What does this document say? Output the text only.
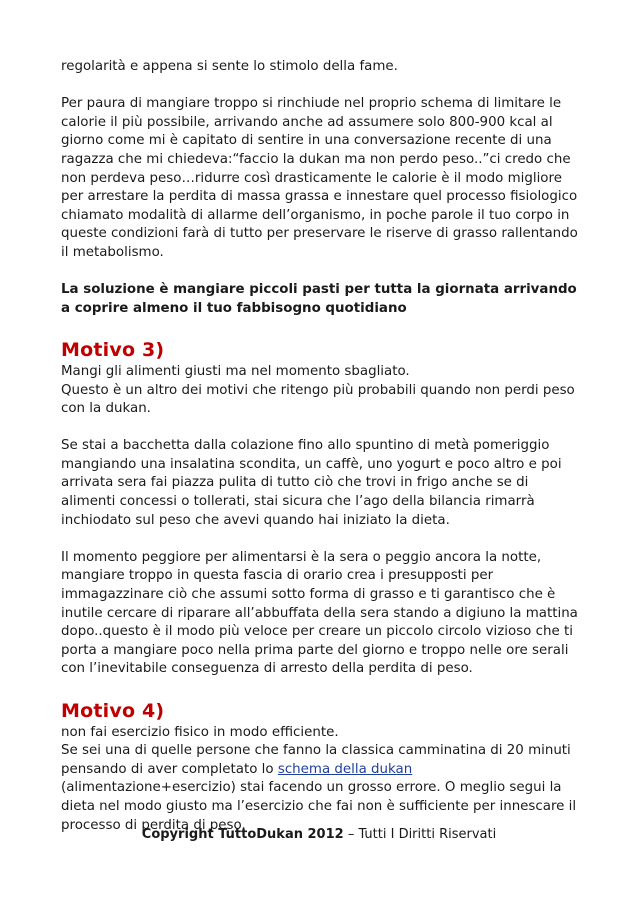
regolarità e appena si sente lo stimolo della fame.

Per paura di mangiare troppo si rinchiude nel proprio schema di limitare le calorie il più possibile, arrivando anche ad assumere solo 800-900 kcal al giorno come mi è capitato di sentire in una conversazione recente di una ragazza che mi chiedeva:“faccio la dukan ma non perdo peso..”ci credo che non perdeva peso…ridurre così drasticamente le calorie è il modo migliore per arrestare la perdita di massa grassa e innestare quel processo fisiologico chiamato modalità di allarme dell’organismo, in poche parole il tuo corpo in queste condizioni farà di tutto per preservare le riserve di grasso rallentando il metabolismo.

La soluzione è mangiare piccoli pasti per tutta la giornata arrivando a coprire almeno il tuo fabbisogno quotidiano

Motivo 3)

Mangi gli alimenti giusti ma nel momento sbagliato.

Questo è un altro dei motivi che ritengo più probabili quando non perdi peso con la dukan.

Se stai a bacchetta dalla colazione fino allo spuntino di metà pomeriggio mangiando una insalatina scondita, un caffè, uno yogurt e poco altro e poi arrivata sera fai piazza pulita di tutto ciò che trovi in frigo anche se di alimenti concessi o tollerati, stai sicura che l’ago della bilancia rimarrà inchiodato sul peso che avevi quando hai iniziato la dieta.

Il momento peggiore per alimentarsi è la sera o peggio ancora la notte, mangiare troppo in questa fascia di orario crea i presupposti per immagazzinare ciò che assumi sotto forma di grasso e ti garantisco che è inutile cercare di riparare all’abbuffata della sera stando a digiuno la mattina dopo..questo è il modo più veloce per creare un piccolo circolo vizioso che ti porta a mangiare poco nella prima parte del giorno e troppo nelle ore serali con l’inevitabile conseguenza di arresto della perdita di peso.

Motivo 4)

non fai esercizio fisico in modo efficiente.

Se sei una di quelle persone che fanno la classica camminatina di 20 minuti pensando di aver completato lo schema della dukan (alimentazione+esercizio) stai facendo un grosso errore. O meglio segui la dieta nel modo giusto ma l’esercizio che fai non è sufficiente per innescare il processo di perdita di peso.

Copyright TuttoDukan 2012 – Tutti I Diritti Riservati
